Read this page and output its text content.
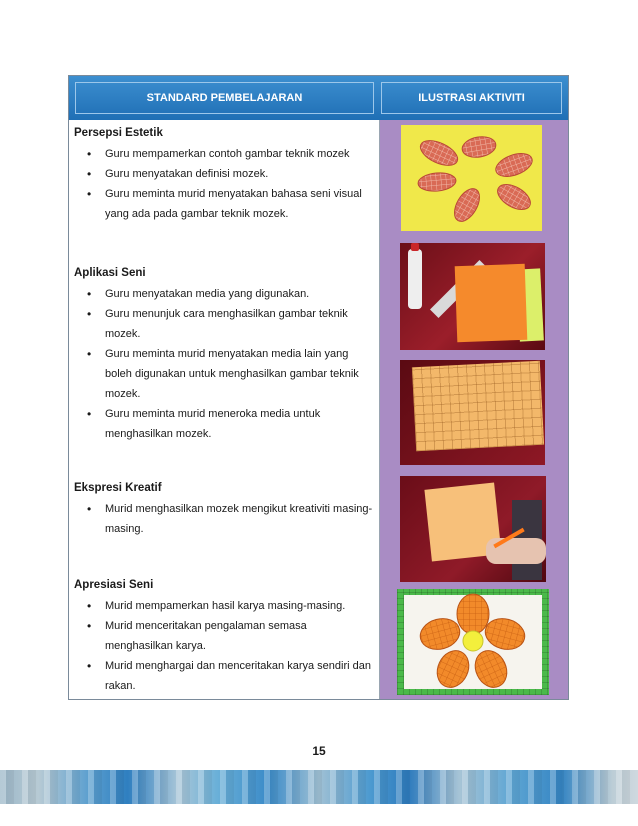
STANDARD PEMBELAJARAN	ILUSTRASI AKTIVITI
Persepsi Estetik
• Guru mempamerkan contoh gambar teknik mozek
• Guru menyatakan definisi mozek.
• Guru meminta murid menyatakan bahasa seni visual yang ada pada gambar teknik mozek.
Aplikasi Seni
• Guru menyatakan media yang digunakan.
• Guru menunjuk cara menghasilkan gambar teknik mozek.
• Guru meminta murid menyatakan media lain yang boleh digunakan untuk menghasilkan gambar teknik mozek.
• Guru meminta murid meneroka media untuk menghasilkan mozek.
Ekspresi Kreatif
• Murid menghasilkan mozek mengikut kreativiti masing-masing.
Apresiasi Seni
• Murid mempamerkan hasil karya masing-masing.
• Murid menceritakan pengalaman semasa menghasilkan karya.
• Murid menghargai dan menceritakan karya sendiri dan rakan.
15
